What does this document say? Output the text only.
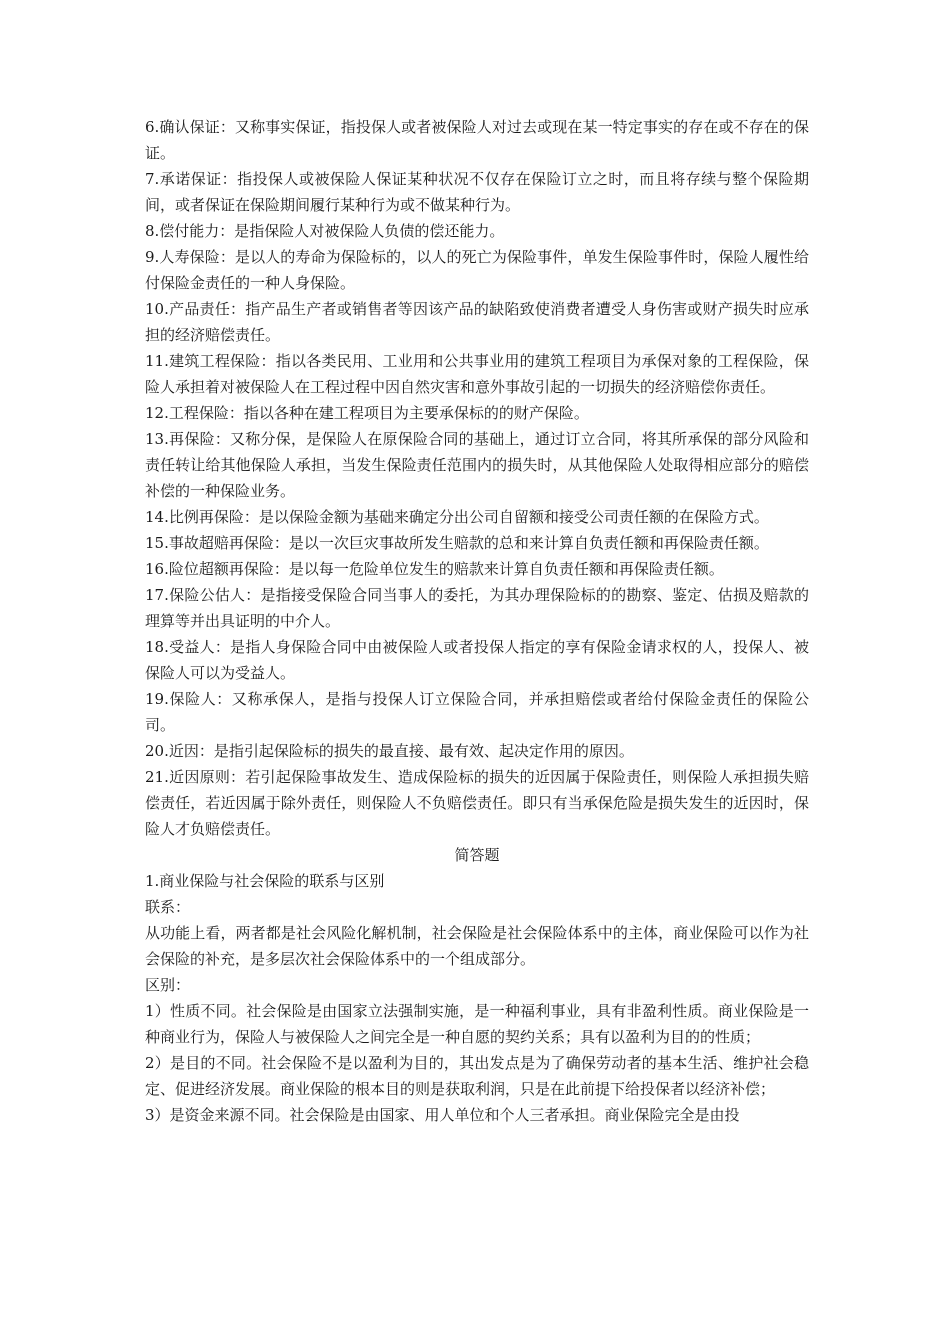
6.确认保证：又称事实保证，指投保人或者被保险人对过去或现在某一特定事实的存在或不存在的保证。

7.承诺保证：指投保人或被保险人保证某种状况不仅存在保险订立之时，而且将存续与整个保险期间，或者保证在保险期间履行某种行为或不做某种行为。

8.偿付能力：是指保险人对被保险人负债的偿还能力。

9.人寿保险：是以人的寿命为保险标的，以人的死亡为保险事件，单发生保险事件时，保险人履性给付保险金责任的一种人身保险。

10.产品责任：指产品生产者或销售者等因该产品的缺陷致使消费者遭受人身伤害或财产损失时应承担的经济赔偿责任。

11.建筑工程保险：指以各类民用、工业用和公共事业用的建筑工程项目为承保对象的工程保险，保险人承担着对被保险人在工程过程中因自然灾害和意外事故引起的一切损失的经济赔偿你责任。

12.工程保险：指以各种在建工程项目为主要承保标的的财产保险。

13.再保险：又称分保，是保险人在原保险合同的基础上，通过订立合同，将其所承保的部分风险和责任转让给其他保险人承担，当发生保险责任范围内的损失时，从其他保险人处取得相应部分的赔偿补偿的一种保险业务。

14.比例再保险：是以保险金额为基础来确定分出公司自留额和接受公司责任额的在保险方式。

15.事故超赔再保险：是以一次巨灾事故所发生赔款的总和来计算自负责任额和再保险责任额。

16.险位超额再保险：是以每一危险单位发生的赔款来计算自负责任额和再保险责任额。

17.保险公估人：是指接受保险合同当事人的委托，为其办理保险标的的勘察、鉴定、估损及赔款的理算等并出具证明的中介人。

18.受益人：是指人身保险合同中由被保险人或者投保人指定的享有保险金请求权的人，投保人、被保险人可以为受益人。

19.保险人：又称承保人，是指与投保人订立保险合同，并承担赔偿或者给付保险金责任的保险公司。

20.近因：是指引起保险标的损失的最直接、最有效、起决定作用的原因。

21.近因原则：若引起保险事故发生、造成保险标的损失的近因属于保险责任，则保险人承担损失赔偿责任，若近因属于除外责任，则保险人不负赔偿责任。即只有当承保危险是损失发生的近因时，保险人才负赔偿责任。

简答题

1.商业保险与社会保险的联系与区别

联系：

从功能上看，两者都是社会风险化解机制，社会保险是社会保险体系中的主体，商业保险可以作为社会保险的补充，是多层次社会保险体系中的一个组成部分。

区别：

1）性质不同。社会保险是由国家立法强制实施，是一种福利事业，具有非盈利性质。商业保险是一种商业行为，保险人与被保险人之间完全是一种自愿的契约关系；具有以盈利为目的的性质；

2）是目的不同。社会保险不是以盈利为目的，其出发点是为了确保劳动者的基本生活、维护社会稳定、促进经济发展。商业保险的根本目的则是获取利润，只是在此前提下给投保者以经济补偿；

3）是资金来源不同。社会保险是由国家、用人单位和个人三者承担。商业保险完全是由投
